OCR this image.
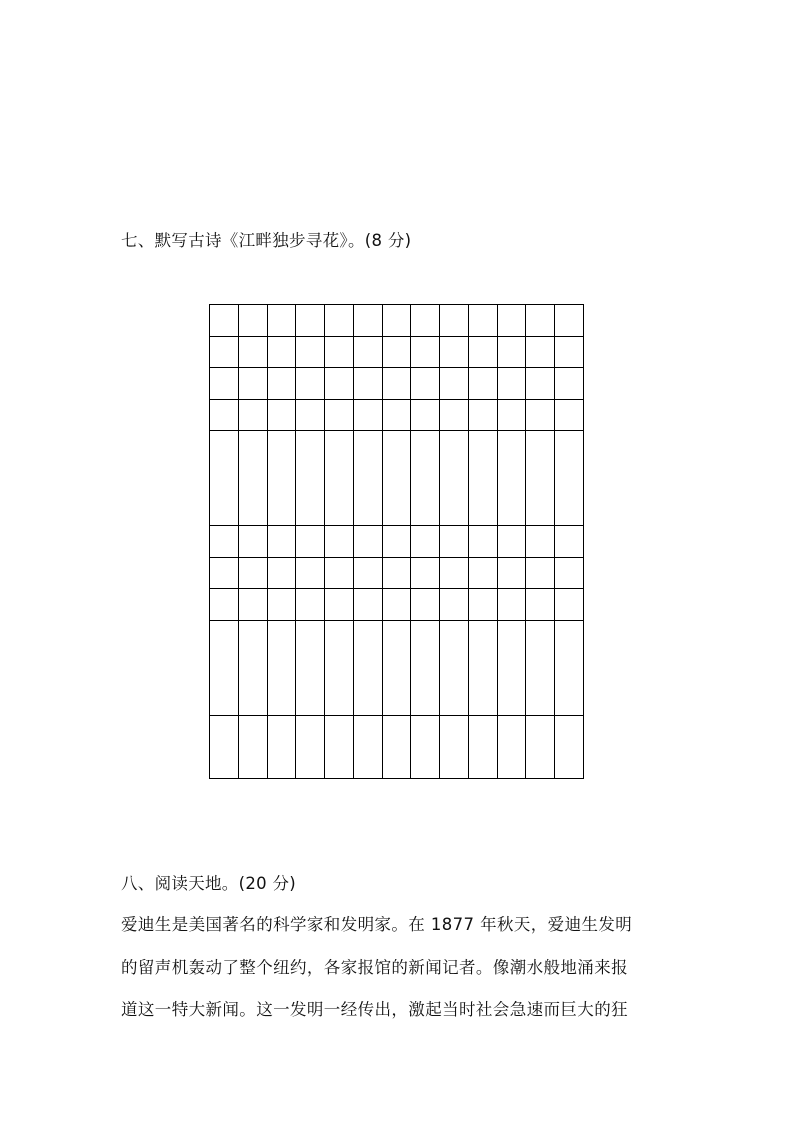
七、默写古诗《江畔独步寻花》。(8 分)
八、阅读天地。(20 分)
爱迪生是美国著名的科学家和发明家。在 1877 年秋天，爱迪生发明
的留声机轰动了整个纽约，各家报馆的新闻记者。像潮水般地涌来报
道这一特大新闻。这一发明一经传出，激起当时社会急速而巨大的狂
